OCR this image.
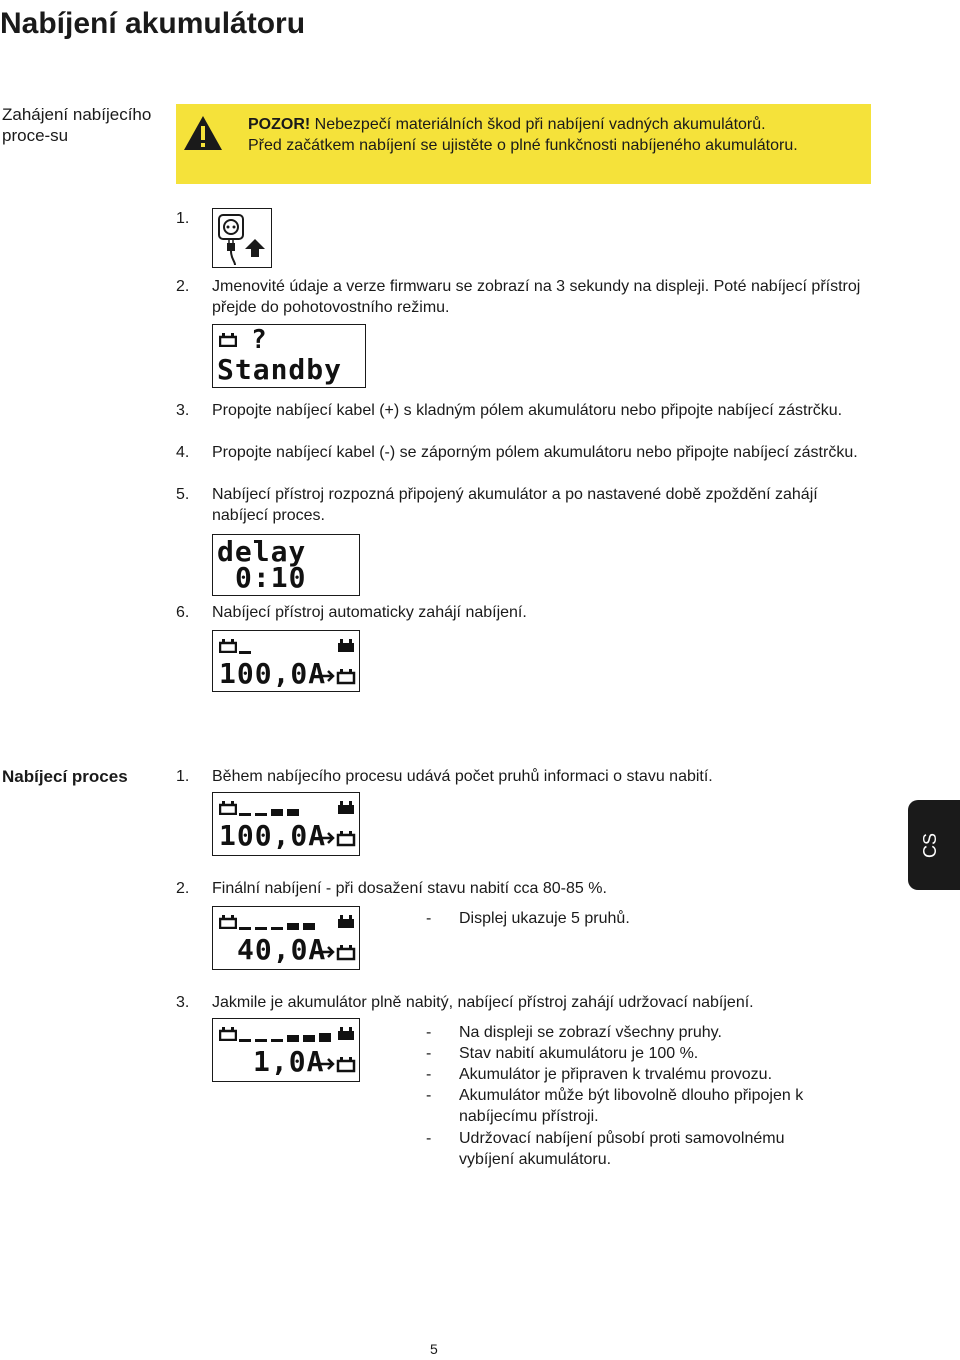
Nabíjení akumulátoru
Zahájení nabíjecího proce-su
POZOR! Nebezpečí materiálních škod při nabíjení vadných akumulátorů.
Před začátkem nabíjení se ujistěte o plné funkčnosti nabíjeného akumulátoru.
1.
2.	Jmenovité údaje a verze firmwaru se zobrazí na 3 sekundy na displeji. Poté nabíjecí přístroj přejde do pohotovostního režimu.
?
Standby
3.	Propojte nabíjecí kabel (+) s kladným pólem akumulátoru nebo připojte nabíjecí zástrčku.
4.	Propojte nabíjecí kabel (-) se záporným pólem akumulátoru nebo připojte nabíjecí zástrčku.
5.	Nabíjecí přístroj rozpozná připojený akumulátor a po nastavené době zpoždění zahájí nabíjecí proces.
delay
0:10
6.	Nabíjecí přístroj automaticky zahájí nabíjení.
100,0A
Nabíjecí proces	1.	Během nabíjecího procesu udává počet pruhů informaci o stavu nabití.
100,0A	CS
2.	Finální nabíjení - při dosažení stavu nabití cca 80-85 %.
-	Displej ukazuje 5 pruhů.
40,0A
3.	Jakmile je akumulátor plně nabitý, nabíjecí přístroj zahájí udržovací nabíjení.
1,0A
-	Na displeji se zobrazí všechny pruhy.
-	Stav nabití akumulátoru je 100 %.
-	Akumulátor je připraven k trvalému provozu.
-	Akumulátor může být libovolně dlouho připojen k nabíjecímu přístroji.
-	Udržovací nabíjení působí proti samovolnému vybíjení akumulátoru.
5
